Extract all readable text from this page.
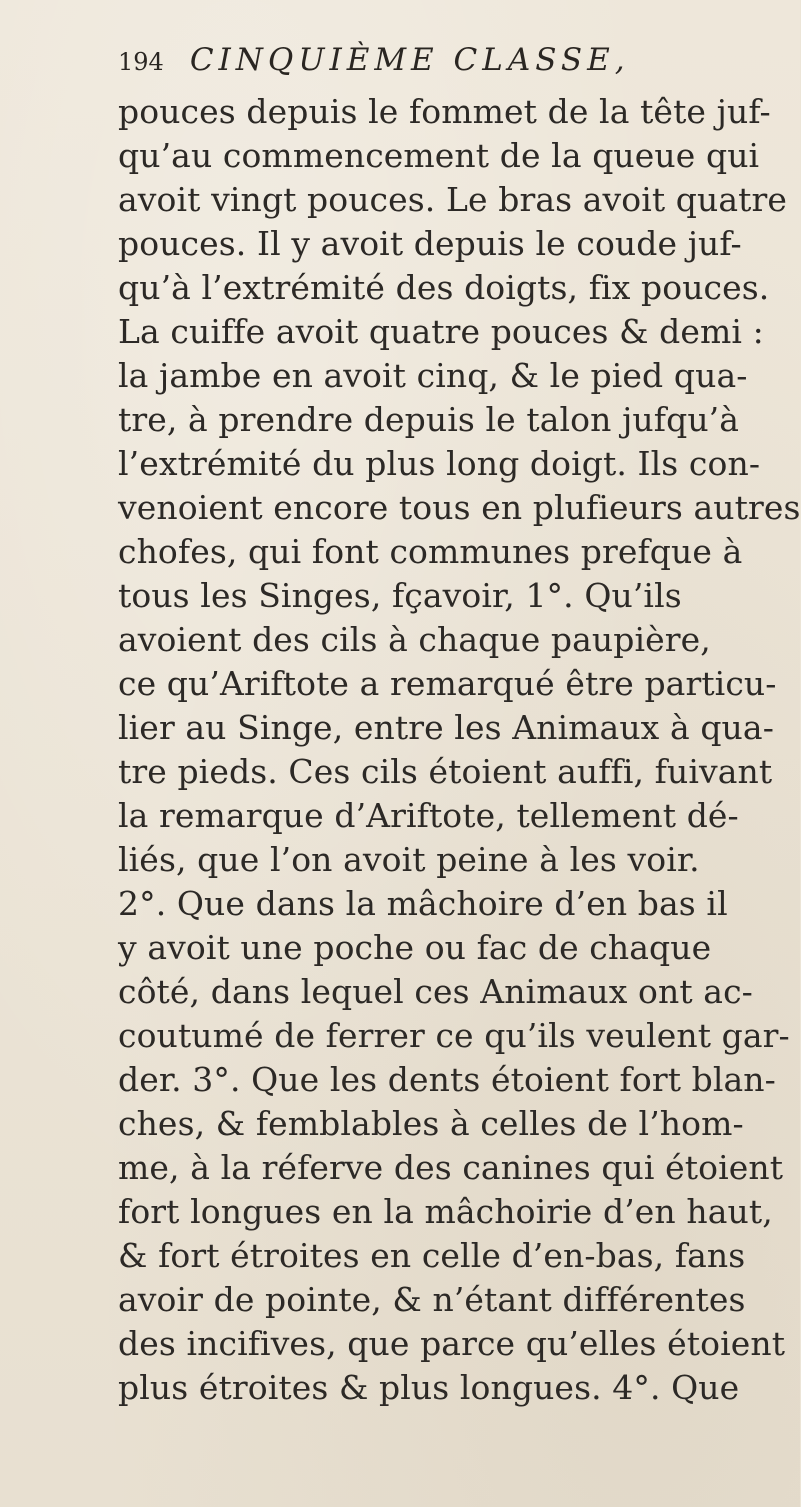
194 CINQUIÈME CLASSE,
pouces depuis le fommet de la tête juf-
qu’au commencement de la queue qui
avoit vingt pouces. Le bras avoit quatre
pouces. Il y avoit depuis le coude juf-
qu’à l’extrémité des doigts, fix pouces.
La cuiffe avoit quatre pouces & demi :
la jambe en avoit cinq, & le pied qua-
tre, à prendre depuis le talon jufqu’à
l’extrémité du plus long doigt. Ils con-
venoient encore tous en plufieurs autres
chofes, qui font communes prefque à
tous les Singes, fçavoir, 1°. Qu’ils
avoient des cils à chaque paupière,
ce qu’Ariftote a remarqué être particu-
lier au Singe, entre les Animaux à qua-
tre pieds. Ces cils étoient auffi, fuivant
la remarque d’Ariftote, tellement dé-
liés, que l’on avoit peine à les voir.
2°. Que dans la mâchoire d’en bas il
y avoit une poche ou fac de chaque
côté, dans lequel ces Animaux ont ac-
coutumé de ferrer ce qu’ils veulent gar-
der. 3°. Que les dents étoient fort blan-
ches, & femblables à celles de l’hom-
me, à la réferve des canines qui étoient
fort longues en la mâchoirie d’en haut,
& fort étroites en celle d’en-bas, fans
avoir de pointe, & n’étant différentes
des incifives, que parce qu’elles étoient
plus étroites & plus longues. 4°. Que
